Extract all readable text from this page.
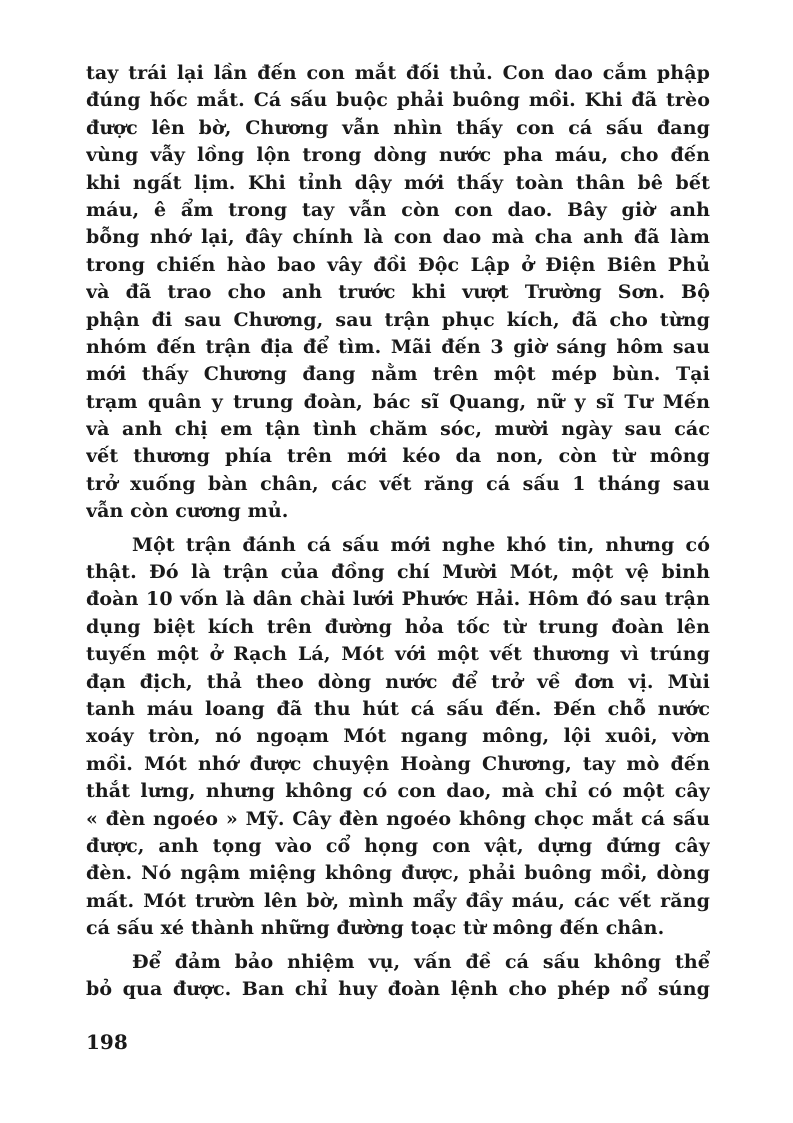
tay trái lại lần đến con mắt đối thủ. Con dao cắm phập
đúng hốc mắt. Cá sấu buộc phải buông mồi. Khi đã trèo
được lên bờ, Chương vẫn nhìn thấy con cá sấu đang
vùng vẫy lồng lộn trong dòng nước pha máu, cho đến
khi ngất lịm. Khi tỉnh dậy mới thấy toàn thân bê bết
máu, ê ẩm trong tay vẫn còn con dao. Bây giờ anh
bỗng nhớ lại, đây chính là con dao mà cha anh đã làm
trong chiến hào bao vây đồi Độc Lập ở Điện Biên Phủ
và đã trao cho anh trước khi vượt Trường Sơn. Bộ
phận đi sau Chương, sau trận phục kích, đã cho từng
nhóm đến trận địa để tìm. Mãi đến 3 giờ sáng hôm sau
mới thấy Chương đang nằm trên một mép bùn. Tại
trạm quân y trung đoàn, bác sĩ Quang, nữ y sĩ Tư Mến
và anh chị em tận tình chăm sóc, mười ngày sau các
vết thương phía trên mới kéo da non, còn từ mông
trở xuống bàn chân, các vết răng cá sấu 1 tháng sau
vẫn còn cương mủ.
Một trận đánh cá sấu mới nghe khó tin, nhưng có
thật. Đó là trận của đồng chí Mười Mót, một vệ binh
đoàn 10 vốn là dân chài lưới Phước Hải. Hôm đó sau trận
dụng biệt kích trên đường hỏa tốc từ trung đoàn lên
tuyến một ở Rạch Lá, Mót với một vết thương vì trúng
đạn địch, thả theo dòng nước để trở về đơn vị. Mùi
tanh máu loang đã thu hút cá sấu đến. Đến chỗ nước
xoáy tròn, nó ngoạm Mót ngang mông, lội xuôi, vờn
mồi. Mót nhớ được chuyện Hoàng Chương, tay mò đến
thắt lưng, nhưng không có con dao, mà chỉ có một cây
« đèn ngoéo » Mỹ. Cây đèn ngoéo không chọc mắt cá sấu
được, anh tọng vào cổ họng con vật, dựng đứng cây
đèn. Nó ngậm miệng không được, phải buông mồi, dòng
mất. Mót trườn lên bờ, mình mẩy đầy máu, các vết răng
cá sấu xé thành những đường toạc từ mông đến chân.
Để đảm bảo nhiệm vụ, vấn đề cá sấu không thể
bỏ qua được. Ban chỉ huy đoàn lệnh cho phép nổ súng
198
